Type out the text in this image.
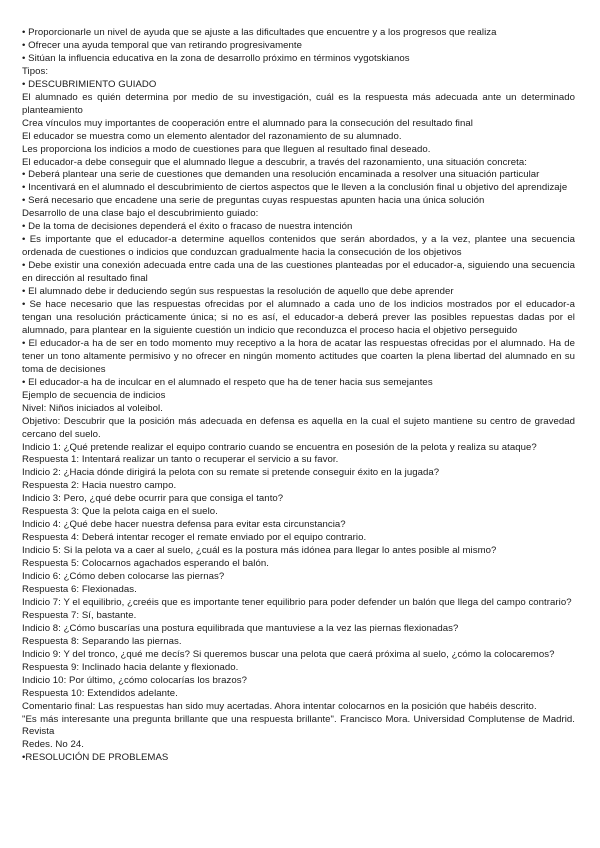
• Proporcionarle un nivel de ayuda que se ajuste a las dificultades que encuentre y a los progresos que realiza

• Ofrecer una ayuda temporal que van retirando progresivamente

• Sitúan la influencia educativa en la zona de desarrollo próximo en términos vygotskianos

Tipos:

• DESCUBRIMIENTO GUIADO

El alumnado es quién determina por medio de su investigación, cuál es la respuesta más adecuada ante un determinado planteamiento

Crea vínculos muy importantes de cooperación entre el alumnado para la consecución del resultado final

El educador se muestra como un elemento alentador del razonamiento de su alumnado.

Les proporciona los indicios a modo de cuestiones para que lleguen al resultado final deseado.

El educador-a debe conseguir que el alumnado llegue a descubrir, a través del razonamiento, una situación concreta:

• Deberá plantear una serie de cuestiones que demanden una resolución encaminada a resolver una situación particular

• Incentivará en el alumnado el descubrimiento de ciertos aspectos que le lleven a la conclusión final u objetivo del aprendizaje

• Será necesario que encadene una serie de preguntas cuyas respuestas apunten hacia una única solución

Desarrollo de una clase bajo el descubrimiento guiado:

• De la toma de decisiones dependerá el éxito o fracaso de nuestra intención

• Es importante que el educador-a determine aquellos contenidos que serán abordados, y a la vez, plantee una secuencia ordenada de cuestiones o indicios que conduzcan gradualmente hacia la consecución de los objetivos

• Debe existir una conexión adecuada entre cada una de las cuestiones planteadas por el educador-a, siguiendo una secuencia en dirección al resultado final

• El alumnado debe ir deduciendo según sus respuestas la resolución de aquello que debe aprender

• Se hace necesario que las respuestas ofrecidas por el alumnado a cada uno de los indicios mostrados por el educador-a tengan una resolución prácticamente única; si no es así, el educador-a deberá prever las posibles repuestas dadas por el alumnado, para plantear en la siguiente cuestión un indicio que reconduzca el proceso hacia el objetivo perseguido

• El educador-a ha de ser en todo momento muy receptivo a la hora de acatar las respuestas ofrecidas por el alumnado. Ha de tener un tono altamente permisivo y no ofrecer en ningún momento actitudes que coarten la plena libertad del alumnado en su toma de decisiones

• El educador-a ha de inculcar en el alumnado el respeto que ha de tener hacia sus semejantes

Ejemplo de secuencia de indicios

Nivel: Niños iniciados al voleibol.

Objetivo: Descubrir que la posición más adecuada en defensa es aquella en la cual el sujeto mantiene su centro de gravedad cercano del suelo.

Indicio 1: ¿Qué pretende realizar el equipo contrario cuando se encuentra en posesión de la pelota y realiza su ataque?

Respuesta 1: Intentará realizar un tanto o recuperar el servicio a su favor.

Indicio 2: ¿Hacia dónde dirigirá la pelota con su remate si pretende conseguir éxito en la jugada?

Respuesta 2: Hacia nuestro campo.

Indicio 3: Pero, ¿qué debe ocurrir para que consiga el tanto?

Respuesta 3: Que la pelota caiga en el suelo.

Indicio 4: ¿Qué debe hacer nuestra defensa para evitar esta circunstancia?

Respuesta 4: Deberá intentar recoger el remate enviado por el equipo contrario.

Indicio 5: Si la pelota va a caer al suelo, ¿cuál es la postura más idónea para llegar lo antes posible al mismo?

Respuesta 5: Colocarnos agachados esperando el balón.

Indicio 6: ¿Cómo deben colocarse las piernas?

Respuesta 6: Flexionadas.

Indicio 7: Y el equilibrio, ¿creéis que es importante tener equilibrio para poder defender un balón que llega del campo contrario?

Respuesta 7: Sí, bastante.

Indicio 8: ¿Cómo buscarías una postura equilibrada que mantuviese a la vez las piernas flexionadas?

Respuesta 8: Separando las piernas.

Indicio 9: Y del tronco, ¿qué me decís? Si queremos buscar una pelota que caerá próxima al suelo, ¿cómo la colocaremos?

Respuesta 9: Inclinado hacia delante y flexionado.

Indicio 10: Por último, ¿cómo colocarías los brazos?

Respuesta 10: Extendidos adelante.

Comentario final: Las respuestas han sido muy acertadas. Ahora intentar colocarnos en la posición que habéis descrito.

"Es más interesante una pregunta brillante que una respuesta brillante". Francisco Mora. Universidad Complutense de Madrid. Revista

Redes. No 24.

•RESOLUCIÓN DE PROBLEMAS
